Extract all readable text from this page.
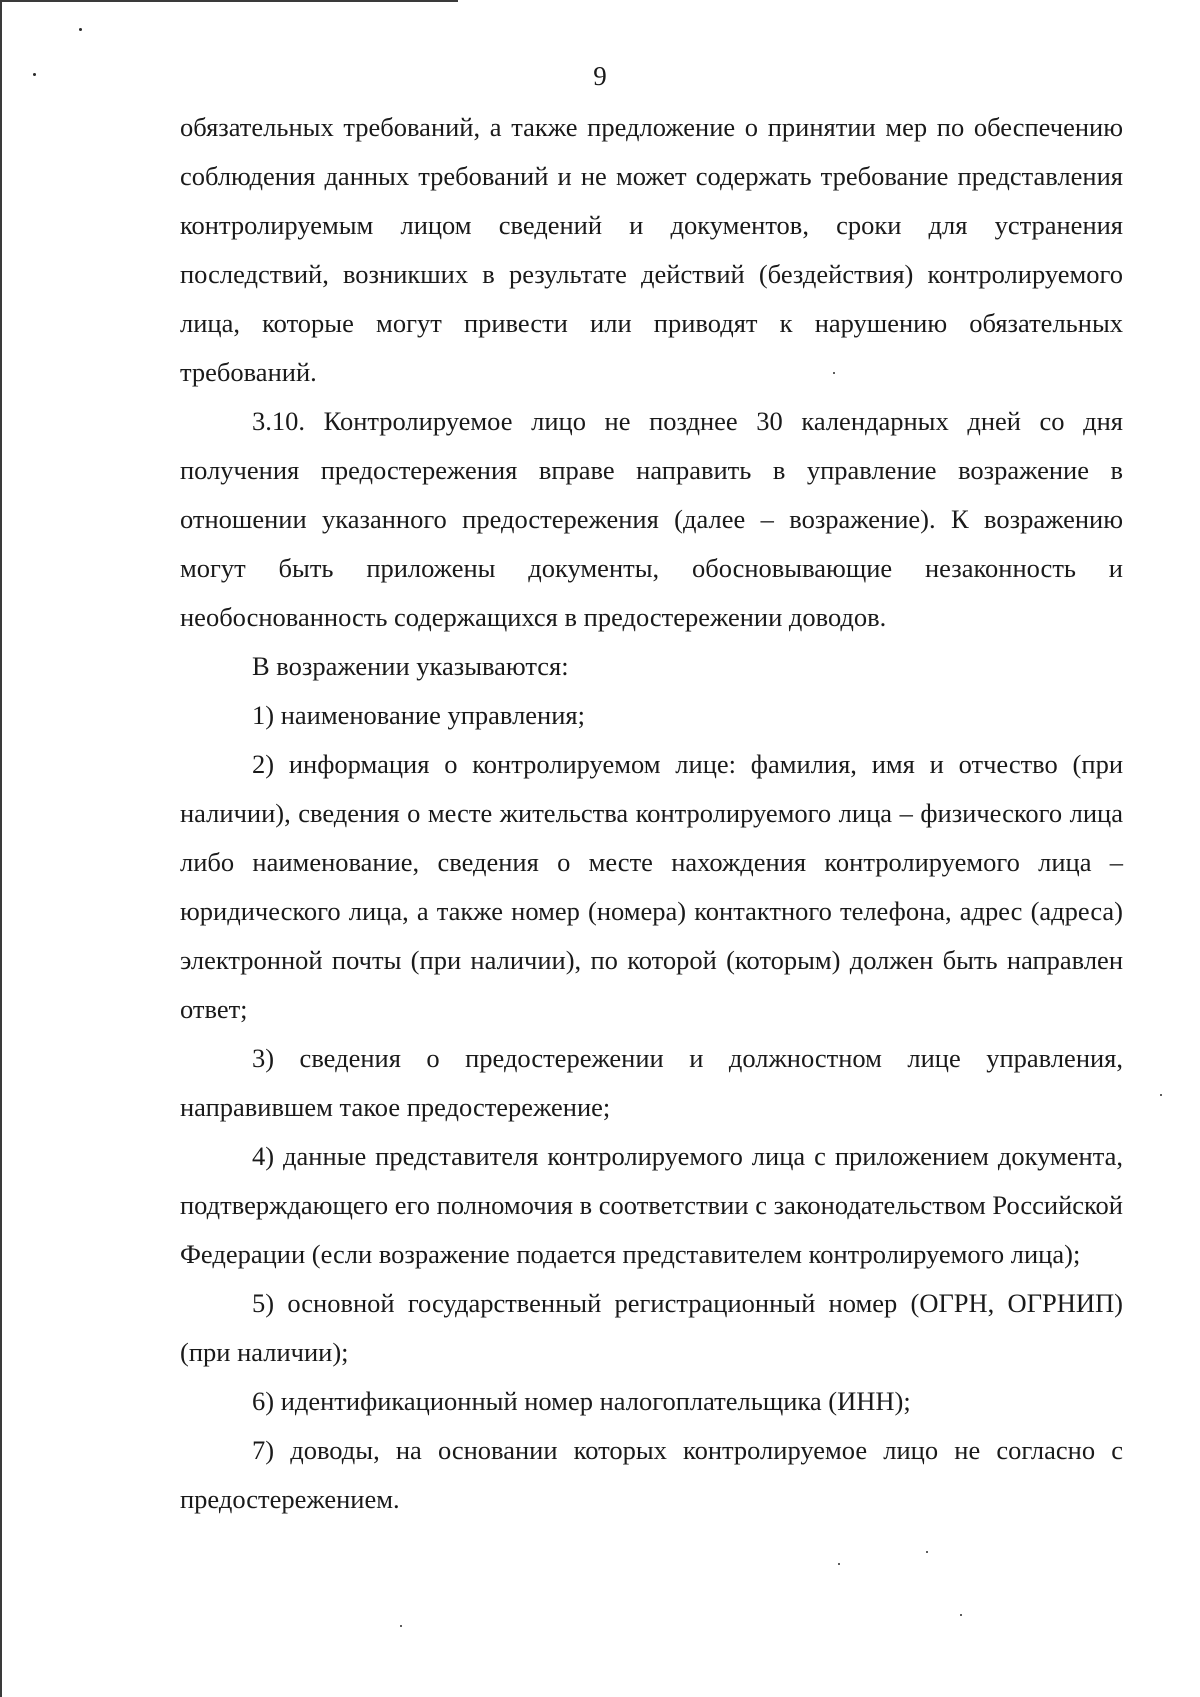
9

обязательных требований, а также предложение о принятии мер по обеспечению соблюдения данных требований и не может содержать требование представления контролируемым лицом сведений и документов, сроки для устранения последствий, возникших в результате действий (бездействия) контролируемого лица, которые могут привести или приводят к нарушению обязательных требований.

3.10. Контролируемое лицо не позднее 30 календарных дней со дня получения предостережения вправе направить в управление возражение в отношении указанного предостережения (далее – возражение). К возражению могут быть приложены документы, обосновывающие незаконность и необоснованность содержащихся в предостережении доводов.

В возражении указываются:

1) наименование управления;

2) информация о контролируемом лице: фамилия, имя и отчество (при наличии), сведения о месте жительства контролируемого лица – физического лица либо наименование, сведения о месте нахождения контролируемого лица – юридического лица, а также номер (номера) контактного телефона, адрес (адреса) электронной почты (при наличии), по которой (которым) должен быть направлен ответ;

3) сведения о предостережении и должностном лице управления, направившем такое предостережение;

4) данные представителя контролируемого лица с приложением документа, подтверждающего его полномочия в соответствии с законодательством Российской Федерации (если возражение подается представителем контролируемого лица);

5) основной государственный регистрационный номер (ОГРН, ОГРНИП) (при наличии);

6) идентификационный номер налогоплательщика (ИНН);

7) доводы, на основании которых контролируемое лицо не согласно с предостережением.
